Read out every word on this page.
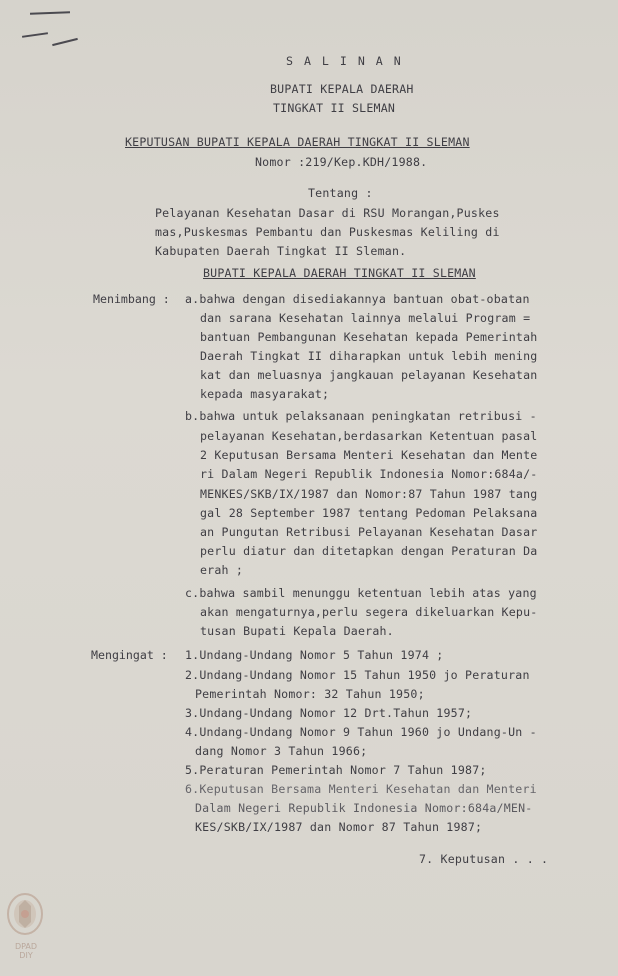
S A L I N A N
BUPATI KEPALA DAERAH
TINGKAT II SLEMAN
KEPUTUSAN BUPATI KEPALA DAERAH TINGKAT II SLEMAN
Nomor :219/Kep.KDH/1988.
Tentang :
Pelayanan Kesehatan Dasar di RSU Morangan,Puskes
mas,Puskesmas Pembantu dan Puskesmas Keliling di
Kabupaten Daerah Tingkat II Sleman.
BUPATI KEPALA DAERAH TINGKAT II SLEMAN
Menimbang : a.bahwa dengan disediakannya bantuan obat-obatan
dan sarana Kesehatan lainnya melalui Program =
bantuan Pembangunan Kesehatan kepada Pemerintah
Daerah Tingkat II diharapkan untuk lebih mening
kat dan meluasnya jangkauan pelayanan Kesehatan
kepada masyarakat;
b.bahwa untuk pelaksanaan peningkatan retribusi -
pelayanan Kesehatan,berdasarkan Ketentuan pasal
2 Keputusan Bersama Menteri Kesehatan dan Mente
ri Dalam Negeri Republik Indonesia Nomor:684a/-
MENKES/SKB/IX/1987 dan Nomor:87 Tahun 1987 tang
gal 28 September 1987 tentang Pedoman Pelaksana
an Pungutan Retribusi Pelayanan Kesehatan Dasar
perlu diatur dan ditetapkan dengan Peraturan Da
erah ;
c.bahwa sambil menunggu ketentuan lebih atas yang
akan mengaturnya,perlu segera dikeluarkan Kepu-
tusan Bupati Kepala Daerah.
Mengingat : 1.Undang-Undang Nomor 5 Tahun 1974 ;
2.Undang-Undang Nomor 15 Tahun 1950 jo Peraturan
Pemerintah Nomor: 32 Tahun 1950;
3.Undang-Undang Nomor 12 Drt.Tahun 1957;
4.Undang-Undang Nomor 9 Tahun 1960 jo Undang-Un -
dang Nomor 3 Tahun 1966;
5.Peraturan Pemerintah Nomor 7 Tahun 1987;
6.Keputusan Bersama Menteri Kesehatan dan Menteri
Dalam Negeri Republik Indonesia Nomor:684a/MEN-
KES/SKB/IX/1987 dan Nomor 87 Tahun 1987;
7. Keputusan . . .
DPAD
DIY
